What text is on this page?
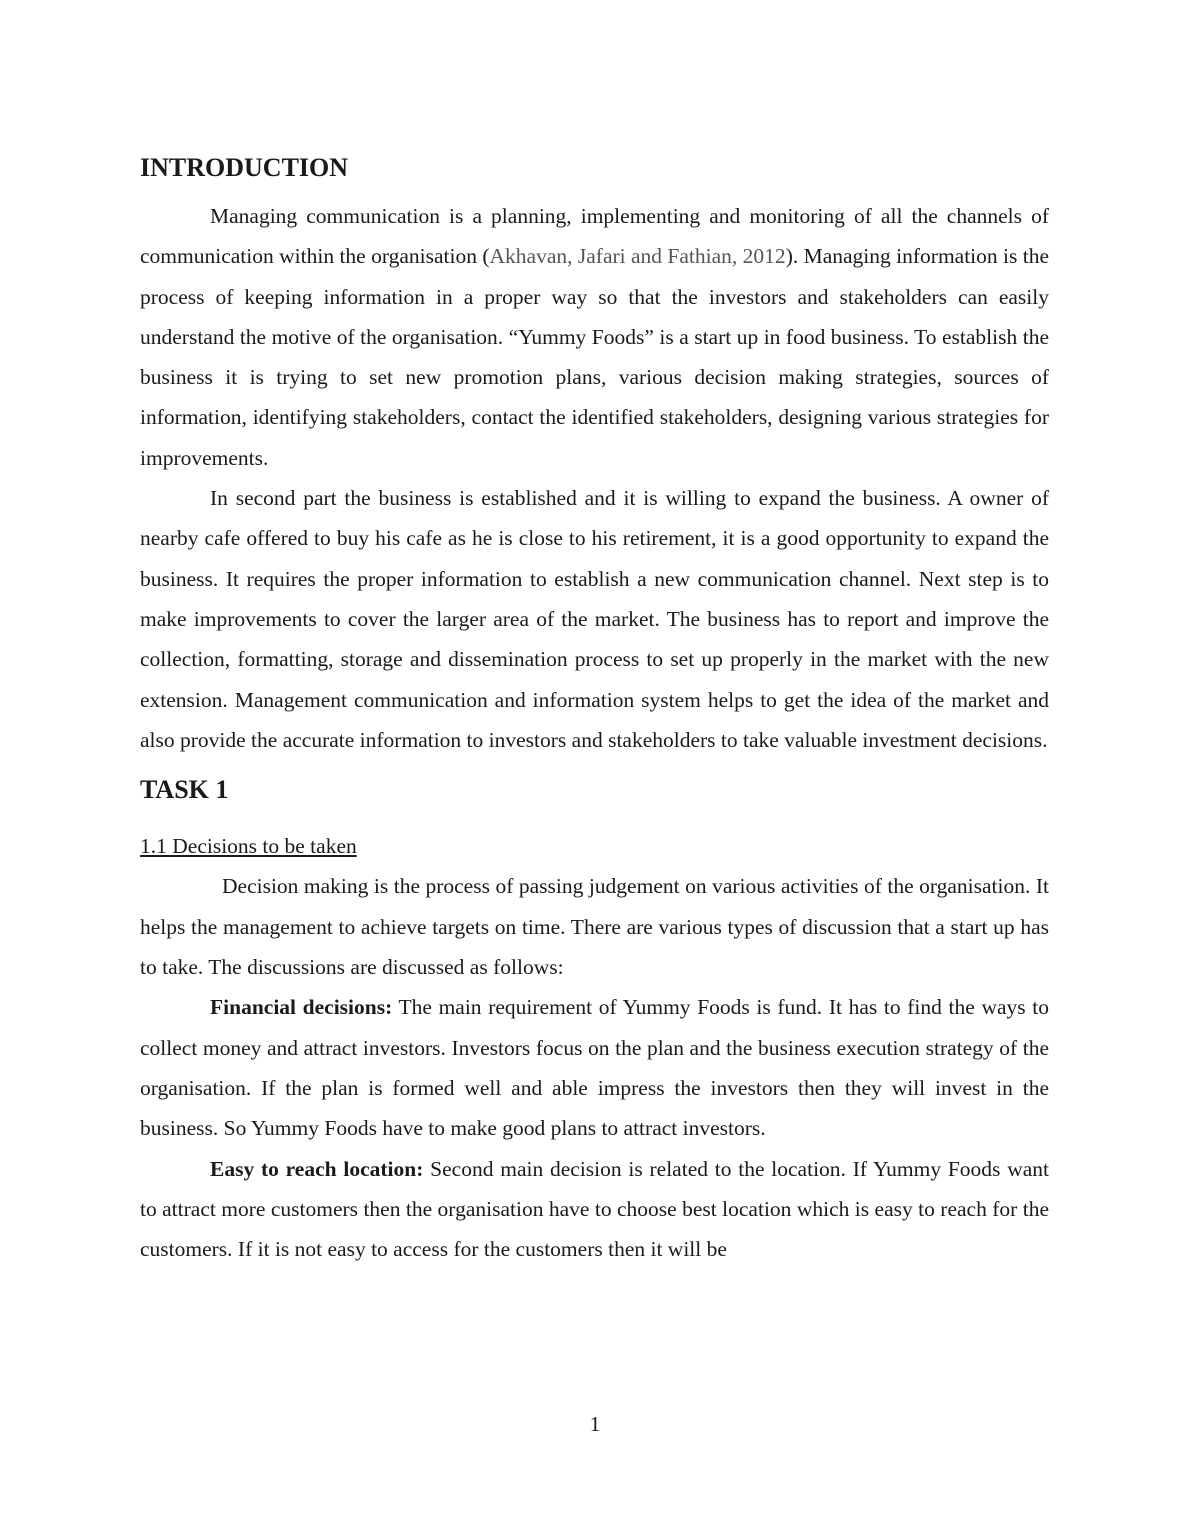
INTRODUCTION

Managing communication is a planning, implementing and monitoring of all the channels of communication within the organisation (Akhavan, Jafari and Fathian, 2012). Managing information is the process of keeping information in a proper way so that the investors and stakeholders can easily understand the motive of the organisation. “Yummy Foods” is a start up in food business. To establish the business it is trying to set new promotion plans, various decision making strategies, sources of information, identifying stakeholders, contact the identified stakeholders, designing various strategies for improvements.

In second part the business is established and it is willing to expand the business. A owner of nearby cafe offered to buy his cafe as he is close to his retirement, it is a good opportunity to expand the business. It requires the proper information to establish a new communication channel. Next step is to make improvements to cover the larger area of the market. The business has to report and improve the collection, formatting, storage and dissemination process to set up properly in the market with the new extension. Management communication and information system helps to get the idea of the market and also provide the accurate information to investors and stakeholders to take valuable investment decisions.

TASK 1

1.1 Decisions to be taken

Decision making is the process of passing judgement on various activities of the organisation. It helps the management to achieve targets on time. There are various types of discussion that a start up has to take. The discussions are discussed as follows:

Financial decisions: The main requirement of Yummy Foods is fund. It has to find the ways to collect money and attract investors. Investors focus on the plan and the business execution strategy of the organisation. If the plan is formed well and able impress the investors then they will invest in the business. So Yummy Foods have to make good plans to attract investors.

Easy to reach location: Second main decision is related to the location. If Yummy Foods want to attract more customers then the organisation have to choose best location which is easy to reach for the customers. If it is not easy to access for the customers then it will be

1
